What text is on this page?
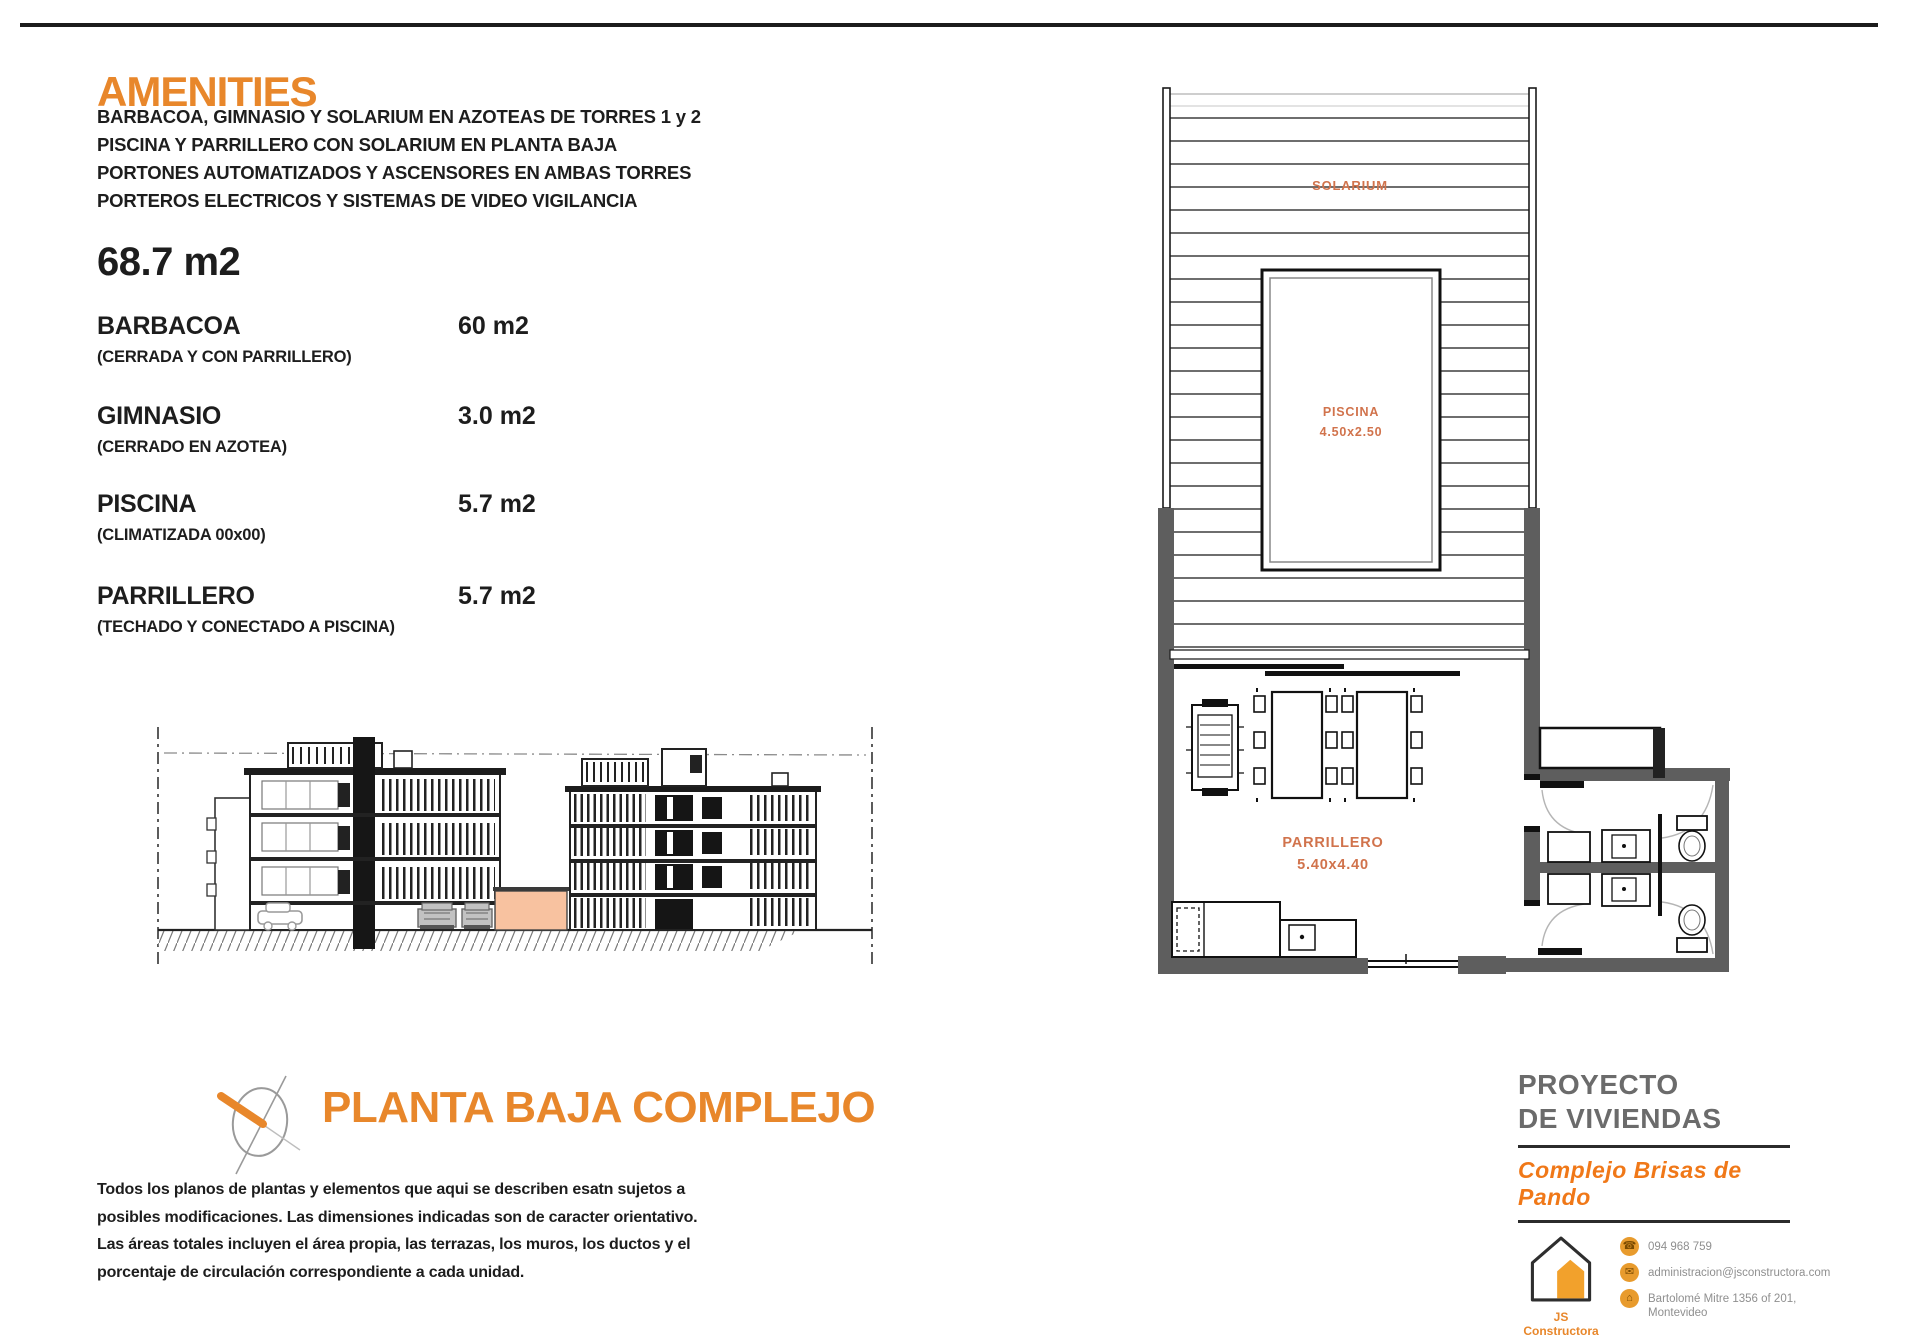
AMENITIES
BARBACOA, GIMNASIO Y SOLARIUM EN AZOTEAS DE TORRES 1 y 2
PISCINA Y PARRILLERO CON SOLARIUM EN PLANTA BAJA
PORTONES AUTOMATIZADOS Y ASCENSORES EN AMBAS TORRES
PORTEROS ELECTRICOS Y SISTEMAS DE VIDEO VIGILANCIA
68.7 m2
BARBACOA
(CERRADA Y CON PARRILLERO)
60 m2
GIMNASIO
(CERRADO EN AZOTEA)
3.0 m2
PISCINA
(CLIMATIZADA 00x00)
5.7 m2
PARRILLERO
(TECHADO Y CONECTADO A PISCINA)
5.7 m2
SOLARIUM
PISCINA
4.50x2.50
PARRILLERO
5.40x4.40
PLANTA BAJA COMPLEJO
Todos los planos de plantas y elementos que aqui se describen esatn sujetos a
posibles modificaciones. Las dimensiones indicadas son de caracter orientativo.
Las áreas totales incluyen el área propia, las terrazas, los muros, los ductos y el
porcentaje de circulación correspondiente a cada unidad.
PROYECTO
DE VIVIENDAS
Complejo Brisas de Pando
JS Constructora
☎ 094 968 759
✉	administracion@jsconstructora.com
⌂	Bartolomé Mitre 1356 of 201, Montevideo
